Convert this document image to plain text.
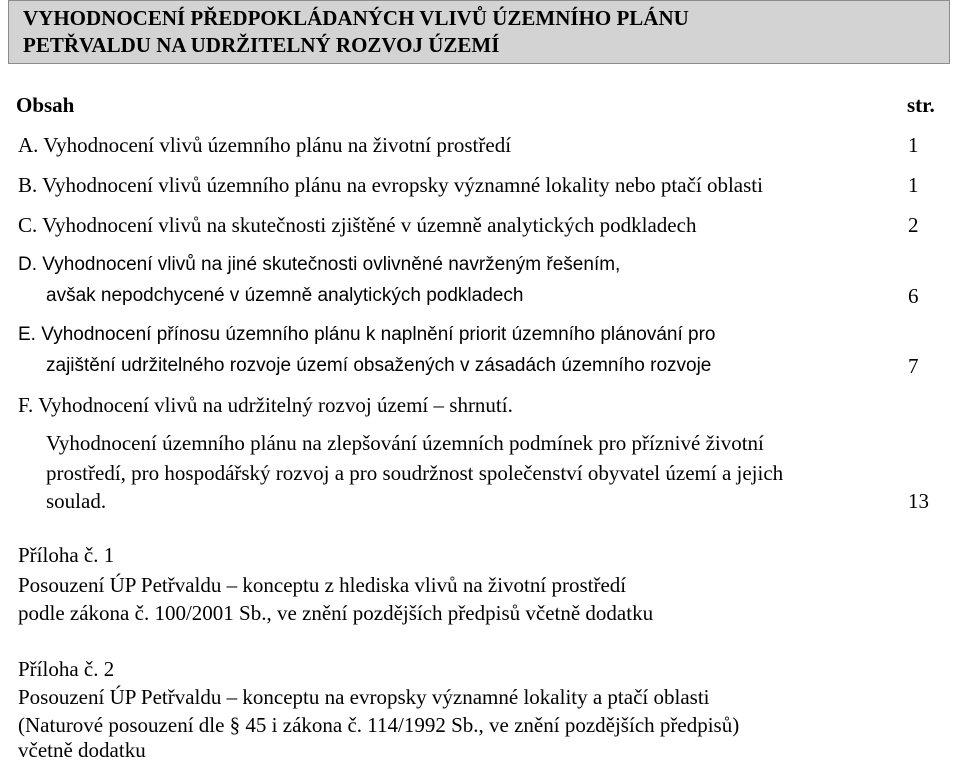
VYHODNOCENÍ PŘEDPOKLÁDANÝCH VLIVŮ ÚZEMNÍHO PLÁNU
PETŘVALDU NA UDRŽITELNÝ ROZVOJ ÚZEMÍ
Obsah	str.
A. Vyhodnocení vlivů územního plánu na životní prostředí	1
B. Vyhodnocení vlivů územního plánu na evropsky významné lokality nebo ptačí oblasti	1
C. Vyhodnocení vlivů na skutečnosti zjištěné v územně analytických podkladech	2
D. Vyhodnocení vlivů na jiné skutečnosti ovlivněné navrženým řešením,
avšak nepodchycené v územně analytických podkladech	6
E. Vyhodnocení přínosu územního plánu k naplnění priorit územního plánování pro
zajištění udržitelného rozvoje území obsažených v zásadách územního rozvoje	7
F. Vyhodnocení vlivů na udržitelný rozvoj území – shrnutí.
Vyhodnocení územního plánu na zlepšování územních podmínek pro příznivé životní
prostředí, pro hospodářský rozvoj a pro soudržnost společenství obyvatel území a jejich
soulad.	13
Příloha č. 1
Posouzení ÚP Petřvaldu – konceptu z hlediska vlivů na životní prostředí
podle zákona č. 100/2001 Sb., ve znění pozdějších předpisů včetně dodatku
Příloha č. 2
Posouzení ÚP Petřvaldu – konceptu na evropsky významné lokality a ptačí oblasti
(Naturové posouzení dle § 45 i zákona č. 114/1992 Sb., ve znění pozdějších předpisů)
včetně dodatku
